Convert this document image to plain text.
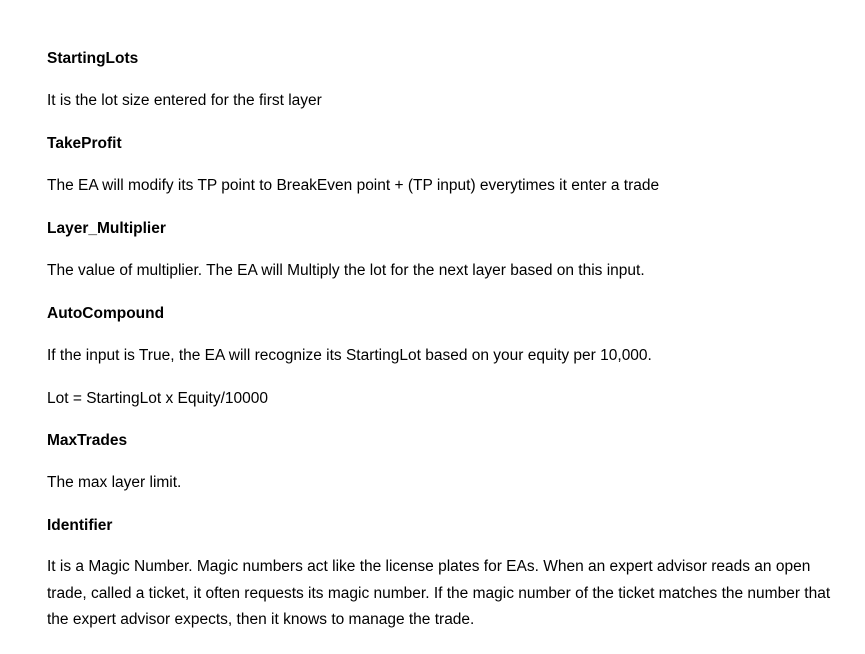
StartingLots
It is the lot size entered for the first layer
TakeProfit
The EA will modify its TP point to BreakEven point + (TP input) everytimes it enter a trade
Layer_Multiplier
The value of multiplier. The EA will Multiply the lot for the next layer based on this input.
AutoCompound
If the input is True, the EA will recognize its StartingLot based on your equity per 10,000.
Lot = StartingLot x Equity/10000
MaxTrades
The max layer limit.
Identifier
It is a Magic Number. Magic numbers act like the license plates for EAs. When an expert advisor reads an open trade, called a ticket, it often requests its magic number. If the magic number of the ticket matches the number that the expert advisor expects, then it knows to manage the trade.
